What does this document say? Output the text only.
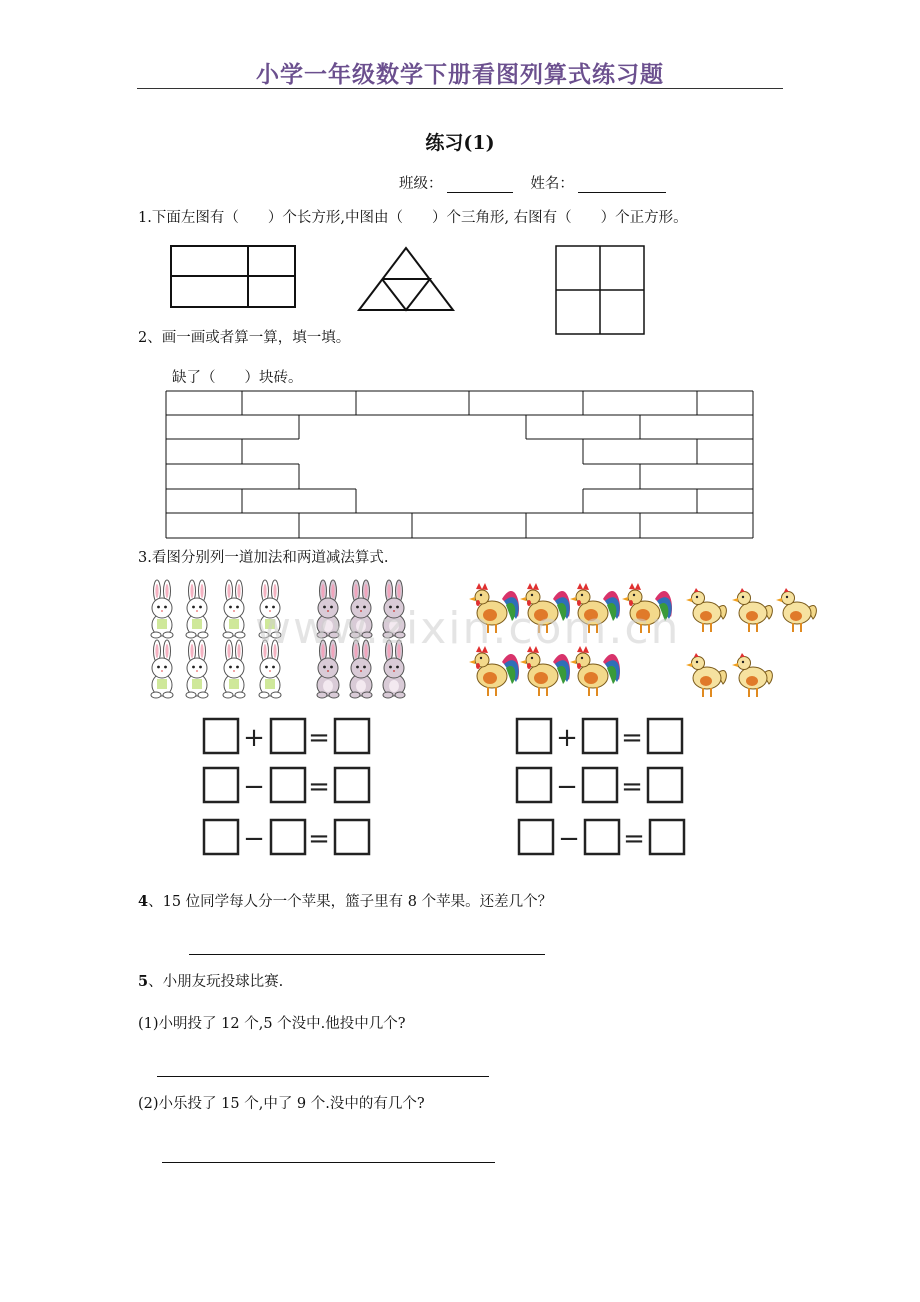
小学一年级数学下册看图列算式练习题
练习(1)
班级：	姓名：
1.下面左图有（　　）个长方形,中图由（　　）个三角形, 右图有（　　）个正方形。
2、画一画或者算一算，填一填。
缺了（　　）块砖。
3.看图分别列一道加法和两道减法算式.
+ =
− =
− =
+ =
− =
− =
www.zixin.com.cn
4、15 位同学每人分一个苹果，篮子里有 8 个苹果。还差几个？
5、小朋友玩投球比赛.
(1)小明投了 12 个,5 个没中.他投中几个?
(2)小乐投了 15 个,中了 9 个.没中的有几个?
